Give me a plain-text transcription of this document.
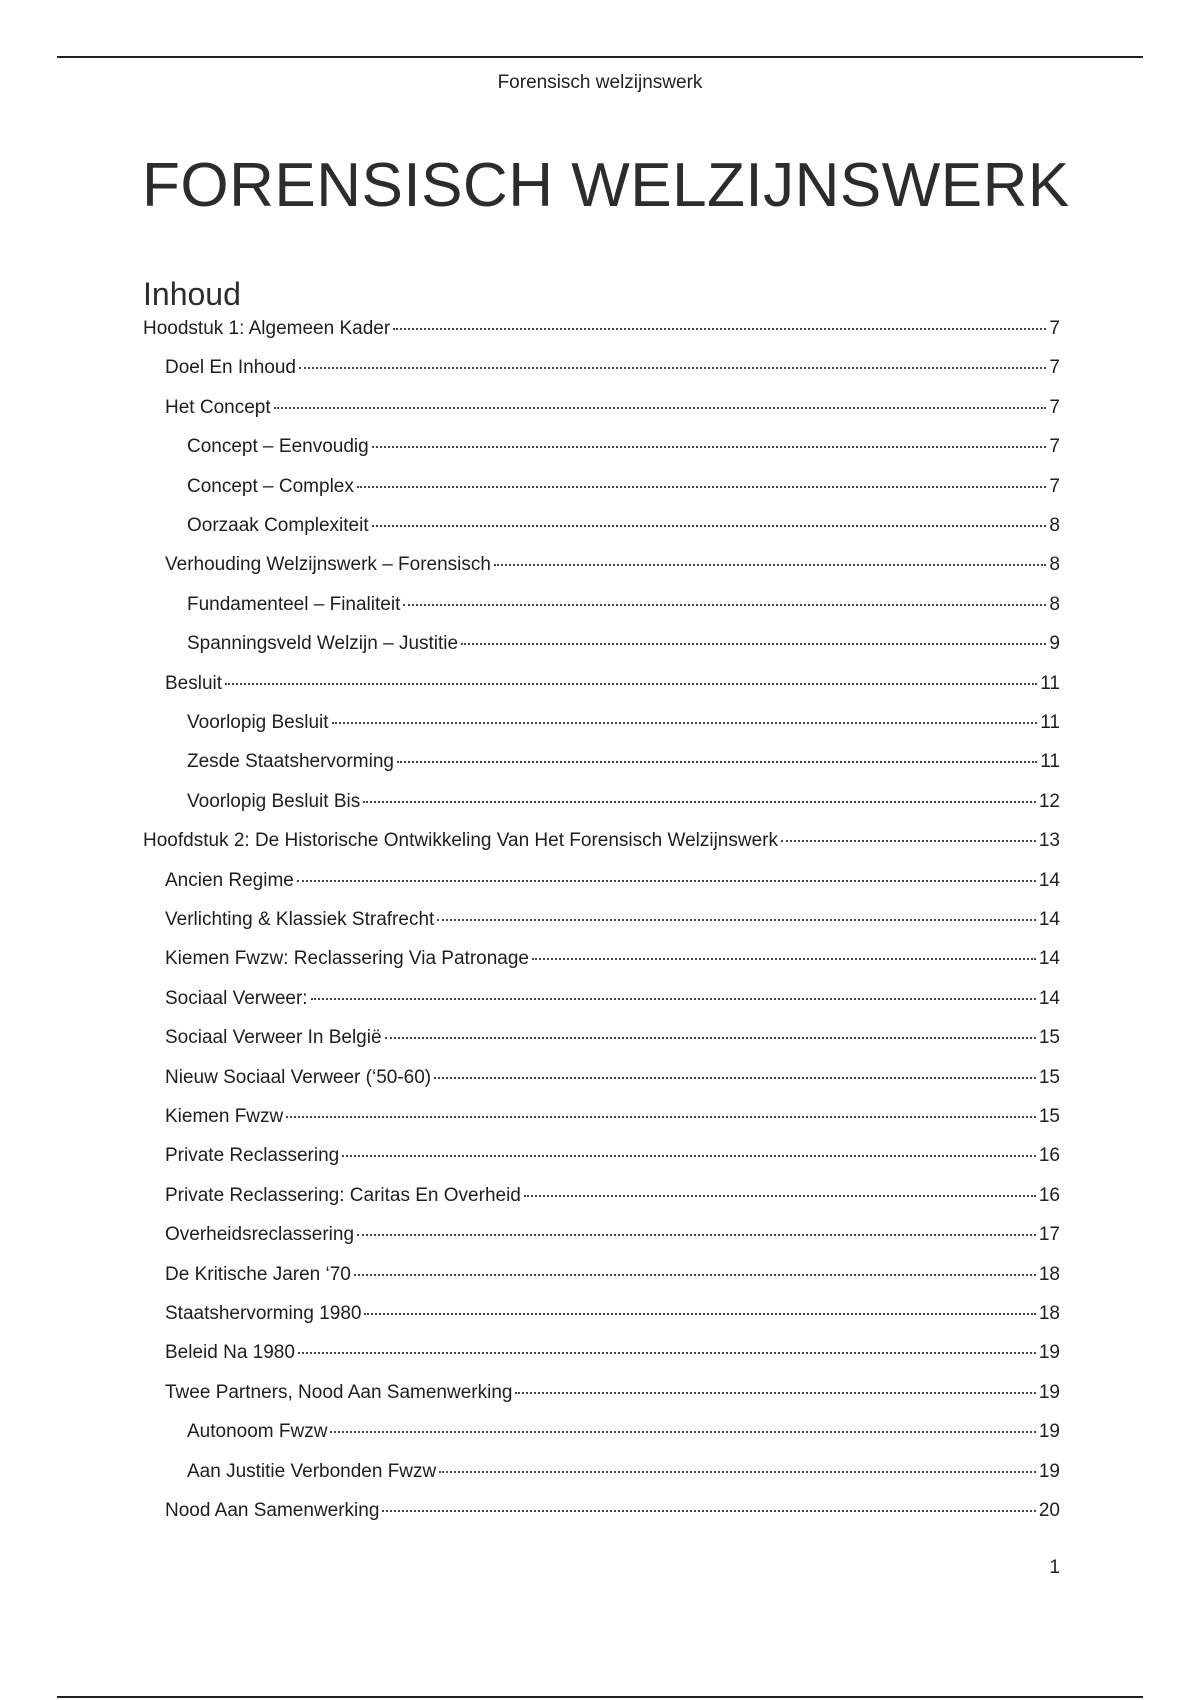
Forensisch welzijnswerk
FORENSISCH WELZIJNSWERK
Inhoud
Hoodstuk 1: Algemeen Kader	7
Doel En Inhoud	7
Het Concept	7
Concept – Eenvoudig	7
Concept – Complex	7
Oorzaak Complexiteit	8
Verhouding Welzijnswerk – Forensisch	8
Fundamenteel – Finaliteit	8
Spanningsveld Welzijn – Justitie	9
Besluit	11
Voorlopig Besluit	11
Zesde Staatshervorming	11
Voorlopig Besluit Bis	12
Hoofdstuk 2: De Historische Ontwikkeling Van Het Forensisch Welzijnswerk	13
Ancien Regime	14
Verlichting & Klassiek Strafrecht	14
Kiemen Fwzw: Reclassering Via Patronage	14
Sociaal Verweer:	14
Sociaal Verweer In België	15
Nieuw Sociaal Verweer (‘50-60)	15
Kiemen Fwzw	15
Private Reclassering	16
Private Reclassering: Caritas En Overheid	16
Overheidsreclassering	17
De Kritische Jaren ‘70	18
Staatshervorming 1980	18
Beleid Na 1980	19
Twee Partners, Nood Aan Samenwerking	19
Autonoom Fwzw	19
Aan Justitie Verbonden Fwzw	19
Nood Aan Samenwerking	20
1
